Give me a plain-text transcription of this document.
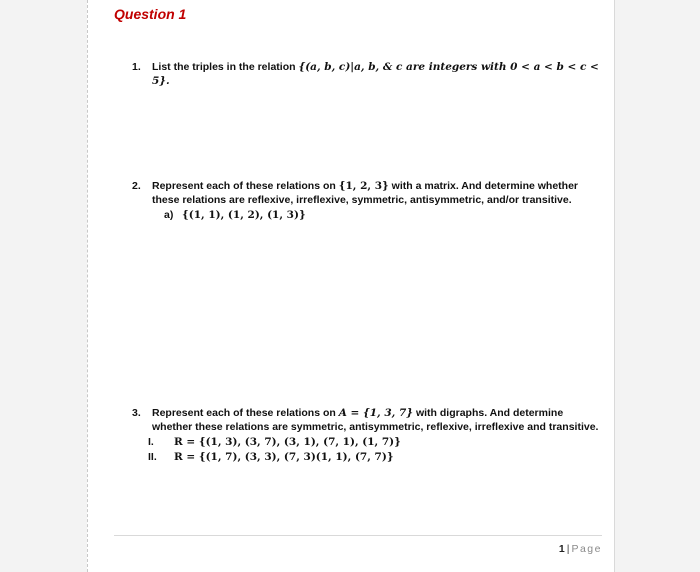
Question 1
1. List the triples in the relation {(a, b, c)|a, b, & c are integers with 0 < a < b < c < 5}.
2. Represent each of these relations on {1, 2, 3} with a matrix. And determine whether these relations are reflexive, irreflexive, symmetric, antisymmetric, and/or transitive.
a) {(1, 1), (1, 2), (1, 3)}
3. Represent each of these relations on A = {1, 3, 7} with digraphs. And determine whether these relations are symmetric, antisymmetric, reflexive, irreflexive and transitive.
I. R = {(1, 3), (3, 7), (3, 1), (7, 1), (1, 7)}
II. R = {(1, 7), (3, 3), (7, 3)(1, 1), (7, 7)}
1 | Page
